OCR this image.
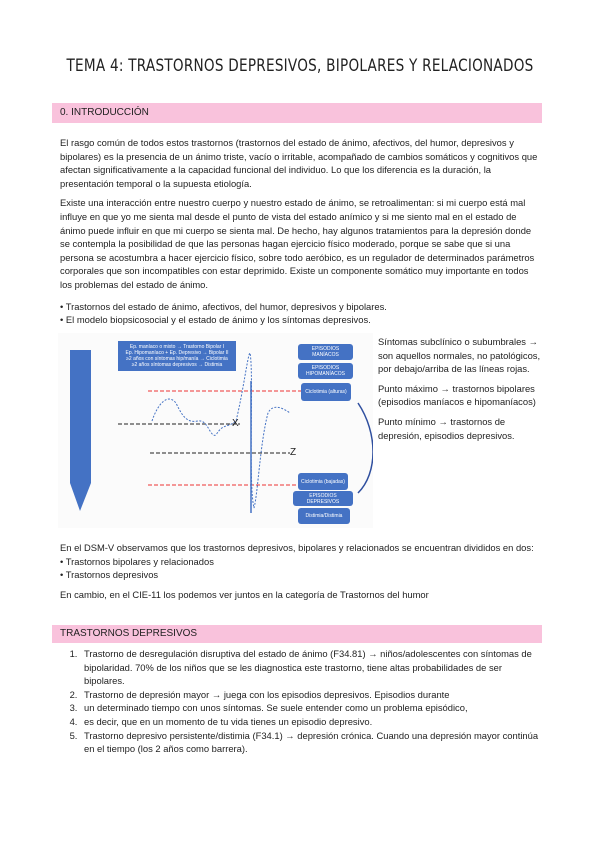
TEMA 4: TRASTORNOS DEPRESIVOS, BIPOLARES Y RELACIONADOS
0. INTRODUCCIÓN

El rasgo común de todos estos trastornos (trastornos del estado de ánimo, afectivos, del humor, depresivos y bipolares) es la presencia de un ánimo triste, vacío o irritable, acompañado de cambios somáticos y cognitivos que afectan significativamente a la capacidad funcional del individuo. Lo que los diferencia es la duración, la presentación temporal o la supuesta etiología.

Existe una interacción entre nuestro cuerpo y nuestro estado de ánimo, se retroalimentan: si mi cuerpo está mal influye en que yo me sienta mal desde el punto de vista del estado anímico y si me siento mal en el estado de ánimo puede influir en que mi cuerpo se sienta mal. De hecho, hay algunos tratamientos para la depresión donde se contempla la posibilidad de que las personas hagan ejercicio físico moderado, porque se sabe que si una persona se acostumbra a hacer ejercicio físico, sobre todo aeróbico, es un regulador de determinados parámetros corporales que son incompatibles con estar deprimido. Existe un componente somático muy importante en todos los problemas del estado de ánimo.

• Trastornos del estado de ánimo, afectivos, del humor, depresivos y bipolares.
• El modelo biopsicosocial y el estado de ánimo y los síntomas depresivos.
Ep. maníaco o mixto → Trastorno Bipolar I
Ep. Hipomaníaco + Ep. Depresivo → Bipolar II
≥2 años con síntomas hip/manía → Ciclotimia
≥2 años síntomas depresivos → Distimia
X
Z
EPISODIOS MANÍACOS
EPISODIOS HIPOMANÍACOS
Ciclotimia (alturas)
Ciclotimia (bajadas)
EPISODIOS DEPRESIVOS
Distimia/Distimia

Síntomas subclínico o subumbrales → son aquellos normales, no patológicos, por debajo/arriba de las líneas rojas.

Punto máximo → trastornos bipolares (episodios maníacos e hipomaníacos)

Punto mínimo → trastornos de depresión, episodios depresivos.

En el DSM-V observamos que los trastornos depresivos, bipolares y relacionados se encuentran divididos en dos:
• Trastornos bipolares y relacionados
• Trastornos depresivos
En cambio, en el CIE-11 los podemos ver juntos en la categoría de Trastornos del humor
TRASTORNOS DEPRESIVOS
1. Trastorno de desregulación disruptiva del estado de ánimo (F34.81) → niños/adolescentes con síntomas de bipolaridad. 70% de los niños que se les diagnostica este trastorno, tiene altas probabilidades de ser bipolares.
2. Trastorno de depresión mayor → juega con los episodios depresivos. Episodios durante
3. un determinado tiempo con unos síntomas. Se suele entender como un problema episódico,
4. es decir, que en un momento de tu vida tienes un episodio depresivo.
5. Trastorno depresivo persistente/distimia (F34.1) → depresión crónica. Cuando una depresión mayor continúa en el tiempo (los 2 años como barrera).
